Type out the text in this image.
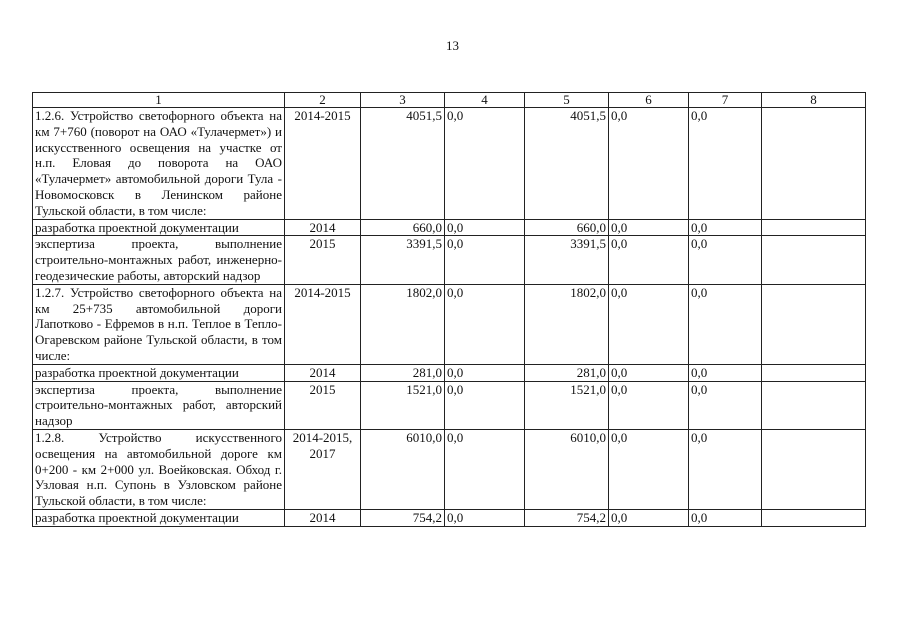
13
1	2	3	4	5	6	7	8
1.2.6. Устройство светофорного объекта на км 7+760 (поворот на ОАО «Тулачермет») и искусственного освещения на участке от н.п. Еловая до поворота на ОАО «Тулачермет» автомобильной дороги Тула - Новомосковск в Ленинском районе Тульской области, в том числе:	2014-2015	4051,5	0,0	4051,5	0,0	0,0	
разработка проектной документации	2014	660,0	0,0	660,0	0,0	0,0	
экспертиза проекта, выполнение строительно-монтажных работ, инженерно-геодезические работы, авторский надзор	2015	3391,5	0,0	3391,5	0,0	0,0	
1.2.7. Устройство светофорного объекта на км 25+735 автомобильной дороги Лапотково - Ефремов в н.п. Теплое в Тепло-Огаревском районе Тульской области, в том числе:	2014-2015	1802,0	0,0	1802,0	0,0	0,0	
разработка проектной документации	2014	281,0	0,0	281,0	0,0	0,0	
экспертиза проекта, выполнение строительно-монтажных работ, авторский надзор	2015	1521,0	0,0	1521,0	0,0	0,0	
1.2.8. Устройство искусственного освещения на автомобильной дороге км 0+200 - км 2+000 ул. Воейковская. Обход г. Узловая н.п. Супонь в Узловском районе Тульской области, в том числе:	2014-2015, 2017	6010,0	0,0	6010,0	0,0	0,0	
разработка проектной документации	2014	754,2	0,0	754,2	0,0	0,0	
